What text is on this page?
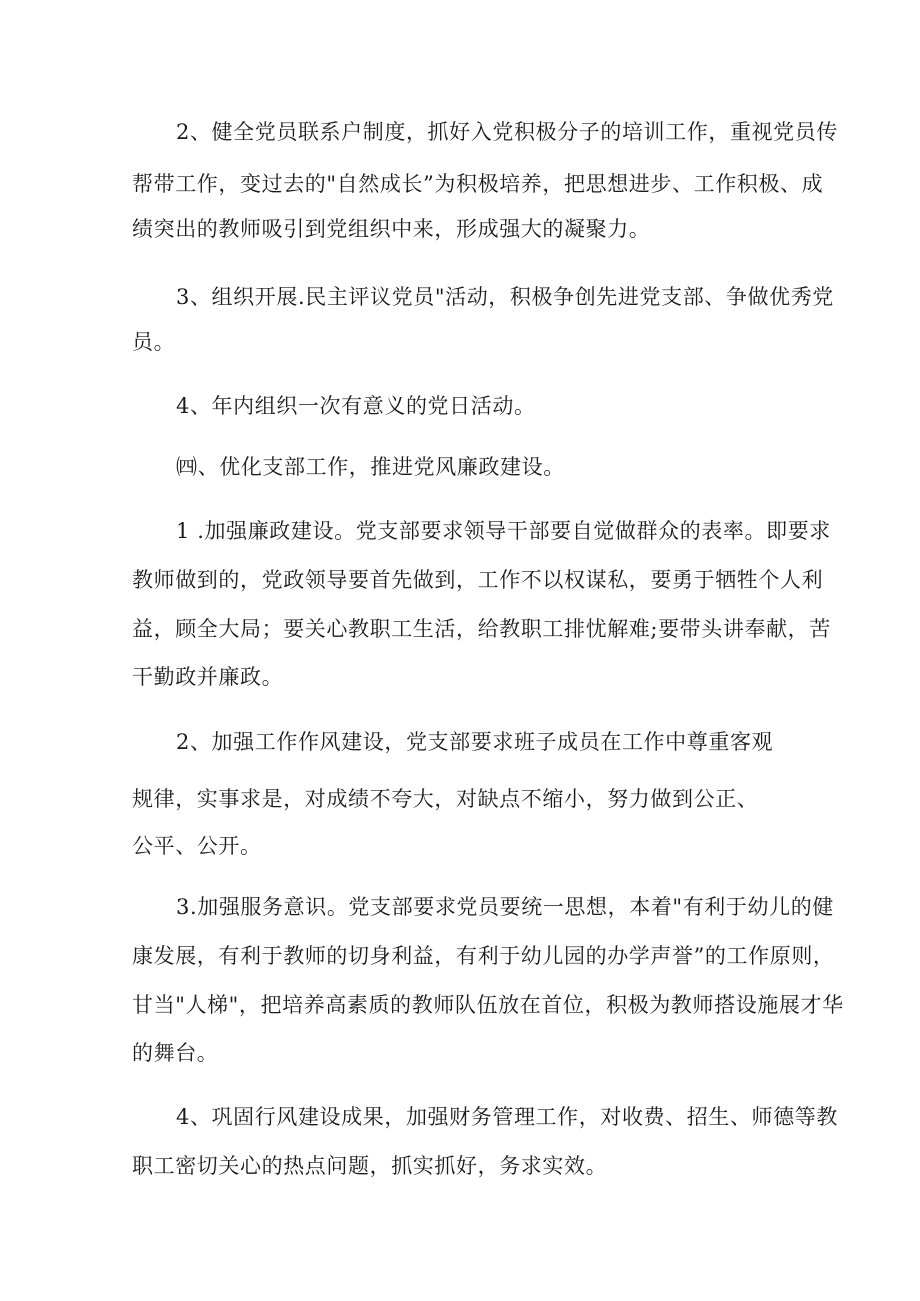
2、健全党员联系户制度，抓好入党积极分子的培训工作，重视党员传
帮带工作，变过去的"自然成长”为积极培养，把思想进步、工作积极、成
绩突出的教师吸引到党组织中来，形成强大的凝聚力。
3、组织开展.民主评议党员"活动，积极争创先进党支部、争做优秀党
员。
4、年内组织一次有意义的党日活动。
㈣、优化支部工作，推进党风廉政建设。
1 .加强廉政建设。党支部要求领导干部要自觉做群众的表率。即要求
教师做到的，党政领导要首先做到，工作不以权谋私，要勇于牺牲个人利
益，顾全大局；要关心教职工生活，给教职工排忧解难;要带头讲奉献，苦
干勤政并廉政。
2、加强工作作风建设，党支部要求班子成员在工作中尊重客观
规律，实事求是，对成绩不夸大，对缺点不缩小，努力做到公正、
公平、公开。
3.加强服务意识。党支部要求党员要统一思想，本着"有利于幼儿的健
康发展，有利于教师的切身利益，有利于幼儿园的办学声誉”的工作原则，
甘当"人梯"，把培养高素质的教师队伍放在首位，积极为教师搭设施展才华
的舞台。
4、巩固行风建设成果，加强财务管理工作，对收费、招生、师德等教
职工密切关心的热点问题，抓实抓好，务求实效。
